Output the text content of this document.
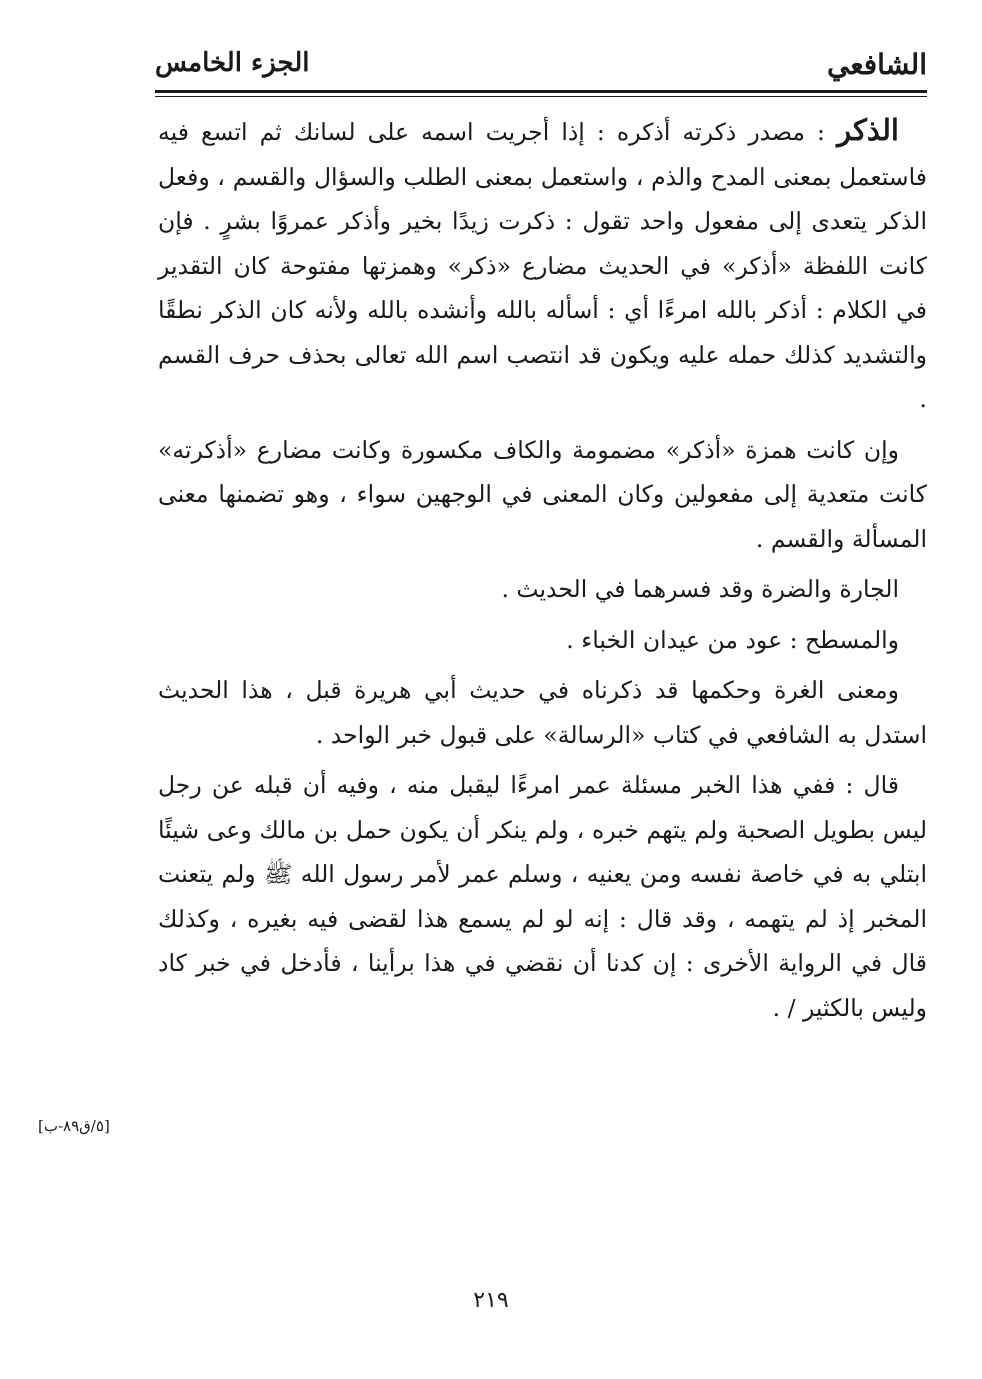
الشافعي
الجزء الخامس

الذكر : مصدر ذكرته أذكره : إذا أجريت اسمه على لسانك ثم اتسع فيه فاستعمل بمعنى المدح والذم ، واستعمل بمعنى الطلب والسؤال والقسم ، وفعل الذكر يتعدى إلى مفعول واحد تقول : ذكرت زيدًا بخير وأذكر عمروًا بشرٍ . فإن كانت اللفظة «أذكر» في الحديث مضارع «ذكر» وهمزتها مفتوحة كان التقدير في الكلام : أذكر بالله امرءًا أي : أسأله بالله وأنشده بالله ولأنه كان الذكر نطقًا والتشديد كذلك حمله عليه ويكون قد انتصب اسم الله تعالى بحذف حرف القسم .

وإن كانت همزة «أذكر» مضمومة والكاف مكسورة وكانت مضارع «أذكرته» كانت متعدية إلى مفعولين وكان المعنى في الوجهين سواء ، وهو تضمنها معنى المسألة والقسم .

الجارة والضرة وقد فسرهما في الحديث .

والمسطح : عود من عيدان الخباء .

ومعنى الغرة وحكمها قد ذكرناه في حديث أبي هريرة قبل ، هذا الحديث استدل به الشافعي في كتاب «الرسالة» على قبول خبر الواحد .

قال : ففي هذا الخبر مسئلة عمر امرءًا ليقبل منه ، وفيه أن قبله عن رجل ليس بطويل الصحبة ولم يتهم خبره ، ولم ينكر أن يكون حمل بن مالك وعى شيئًا ابتلي به في خاصة نفسه ومن يعنيه ، وسلم عمر لأمر رسول الله ﷺ ولم يتعنت المخبر إذ لم يتهمه ، وقد قال : إنه لو لم يسمع هذا لقضى فيه بغيره ، وكذلك قال في الرواية الأخرى : إن كدنا أن نقضي في هذا برأينا ، فأدخل في خبر كاد وليس بالكثير / .

[٥/ق٨٩-ب]
٢١٩
